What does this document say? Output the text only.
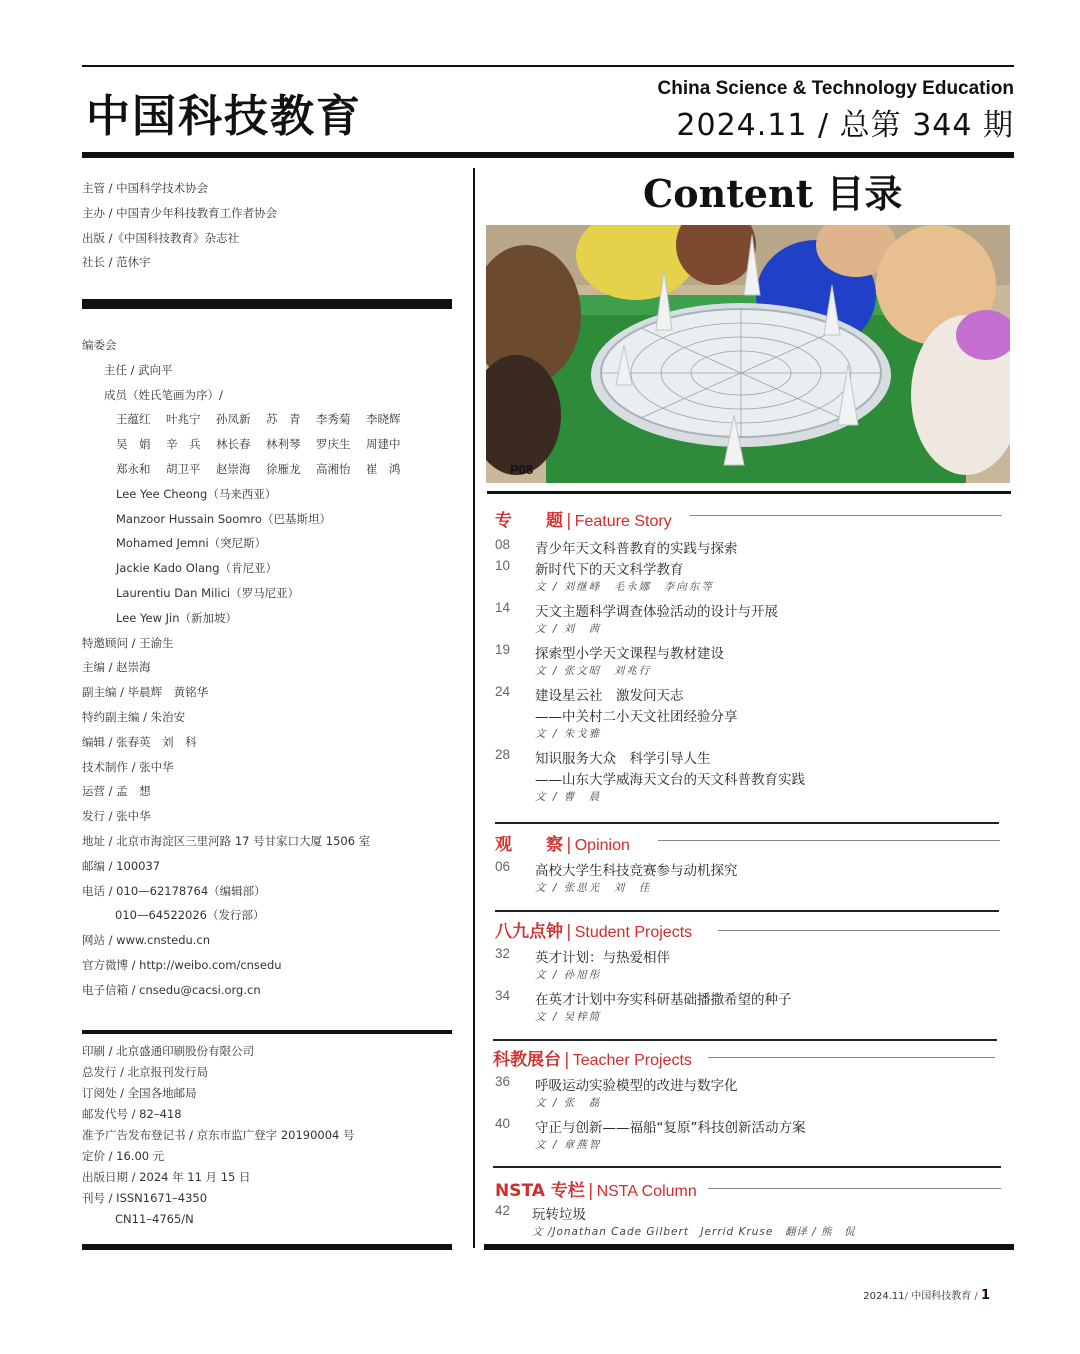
中国科技教育
China Science & Technology Education
2024.11 / 总第 344 期
主管 / 中国科学技术协会
主办 / 中国青少年科技教育工作者协会
出版 /《中国科技教育》杂志社
社长 / 范休宇
编委会
主任 / 武向平
成员（姓氏笔画为序）/
王蕴红 叶兆宁 孙凤新 苏　青 李秀菊 李晓辉
吴　娟 辛　兵 林长春 林利琴 罗庆生 周建中
郑永和 胡卫平 赵崇海 徐雁龙 高湘怡 崔　鸿
Lee Yee Cheong（马来西亚）
Manzoor Hussain Soomro（巴基斯坦）
Mohamed Jemni（突尼斯）
Jackie Kado Olang（肯尼亚）
Laurentiu Dan Milici（罗马尼亚）
Lee Yew Jin（新加坡）
特邀顾问 / 王渝生
主编 / 赵崇海
副主编 / 毕晨辉　黄铭华
特约副主编 / 朱治安
编辑 / 张春英　刘　科
技术制作 / 张中华
运营 / 孟　想
发行 / 张中华
地址 / 北京市海淀区三里河路 17 号甘家口大厦 1506 室
邮编 / 100037
电话 / 010—62178764（编辑部）
010—64522026（发行部）
网站 / www.cnstedu.cn
官方微博 / http://weibo.com/cnsedu
电子信箱 / cnsedu@cacsi.org.cn
印刷 / 北京盛通印刷股份有限公司
总发行 / 北京报刊发行局
订阅处 / 全国各地邮局
邮发代号 / 82–418
准予广告发布登记书 / 京东市监广登字 20190004 号
定价 / 16.00 元
出版日期 / 2024 年 11 月 15 日
刊号 / ISSN1671–4350
CN11–4765/N
Content 目录
P08
专　　题 | Feature Story
08	青少年天文科普教育的实践与探索
10	新时代下的天文科学教育
文 / 刘继峰　毛永娜　李向东等
14	天文主题科学调查体验活动的设计与开展
文 / 刘　茜
19	探索型小学天文课程与教材建设
文 / 张文昭　刘兆行
24	建设星云社　激发问天志
——中关村二小天文社团经验分享
文 / 朱戈雅
28	知识服务大众　科学引导人生
——山东大学威海天文台的天文科普教育实践
文 / 曹　晨
观　　察 | Opinion
06	高校大学生科技竞赛参与动机探究
文 / 张思光　刘　佳
八九点钟 | Student Projects
32	英才计划：与热爱相伴
文 / 孙旭彤
34	在英才计划中夯实科研基础播撒希望的种子
文 / 吴梓简
科教展台 | Teacher Projects
36	呼吸运动实验模型的改进与数字化
文 / 张　磊
40	守正与创新——福船“复原”科技创新活动方案
文 / 章燕智
NSTA 专栏 | NSTA Column
42	玩转垃圾
文 /Jonathan Cade Gilbert　Jerrid Kruse　翻译 / 熊　侃
2024.11/ 中国科技教育 / 1
